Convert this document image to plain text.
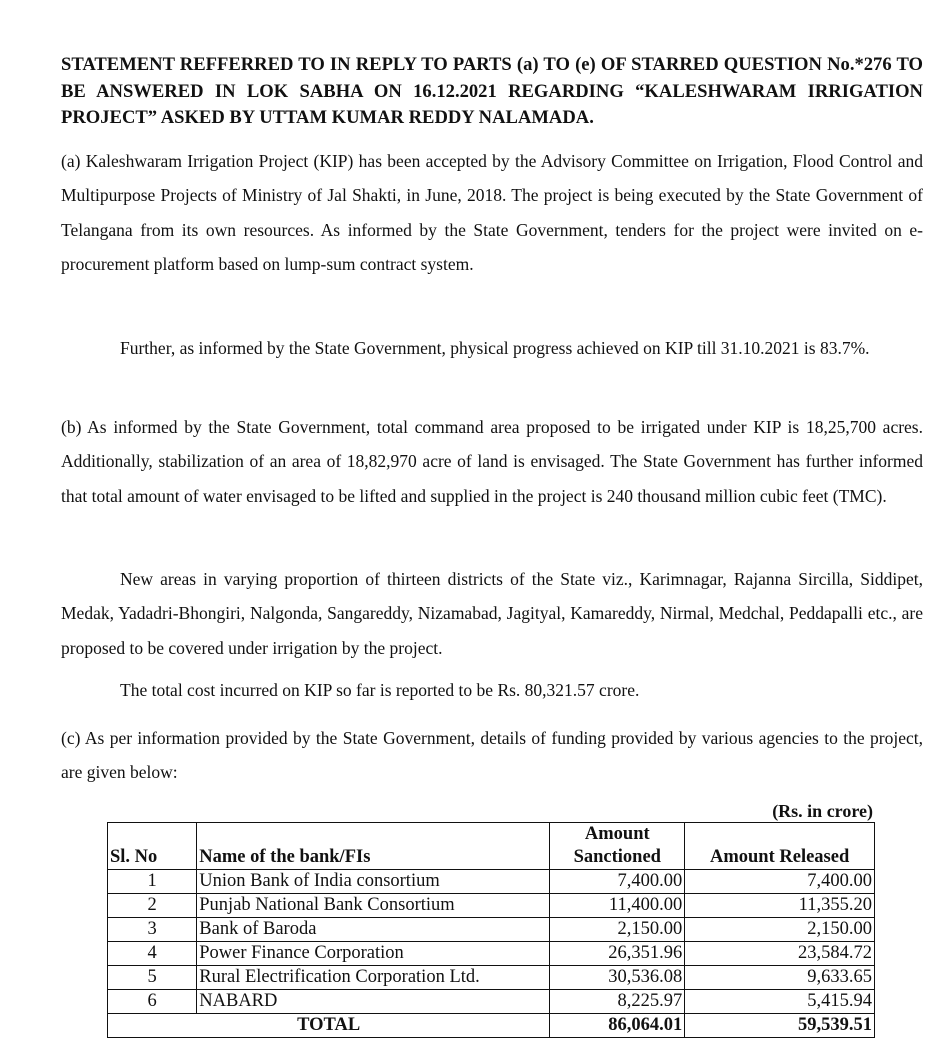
STATEMENT REFFERRED TO IN REPLY TO PARTS (a) TO (e) OF STARRED QUESTION No.*276 TO BE ANSWERED IN LOK SABHA ON 16.12.2021 REGARDING “KALESHWARAM IRRIGATION PROJECT” ASKED BY UTTAM KUMAR REDDY NALAMADA.

(a) Kaleshwaram Irrigation Project (KIP) has been accepted by the Advisory Committee on Irrigation, Flood Control and Multipurpose Projects of Ministry of Jal Shakti, in June, 2018. The project is being executed by the State Government of Telangana from its own resources. As informed by the State Government, tenders for the project were invited on e-procurement platform based on lump-sum contract system.

Further, as informed by the State Government, physical progress achieved on KIP till 31.10.2021 is 83.7%.

(b) As informed by the State Government, total command area proposed to be irrigated under KIP is 18,25,700 acres. Additionally, stabilization of an area of 18,82,970 acre of land is envisaged. The State Government has further informed that total amount of water envisaged to be lifted and supplied in the project is 240 thousand million cubic feet (TMC).

New areas in varying proportion of thirteen districts of the State viz., Karimnagar, Rajanna Sircilla, Siddipet, Medak, Yadadri-Bhongiri, Nalgonda, Sangareddy, Nizamabad, Jagityal, Kamareddy, Nirmal, Medchal, Peddapalli etc., are proposed to be covered under irrigation by the project.

The total cost incurred on KIP so far is reported to be Rs. 80,321.57 crore.

(c) As per information provided by the State Government, details of funding provided by various agencies to the project, are given below:

(Rs. in crore)
Sl. No	Name of the bank/FIs	Amount Sanctioned	Amount Released
1	Union Bank of India consortium	7,400.00	7,400.00
2	Punjab National Bank Consortium	11,400.00	11,355.20
3	Bank of Baroda	2,150.00	2,150.00
4	Power Finance Corporation	26,351.96	23,584.72
5	Rural Electrification Corporation Ltd.	30,536.08	9,633.65
6	NABARD	8,225.97	5,415.94
TOTAL		86,064.01	59,539.51
